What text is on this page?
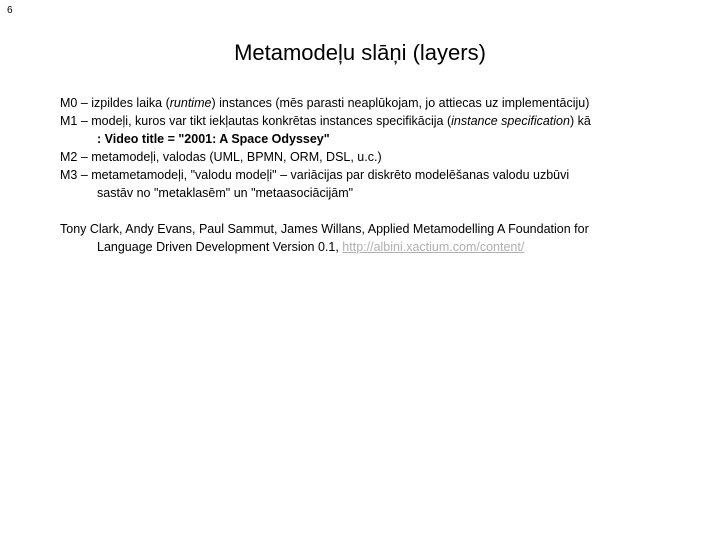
6
Metamodeļu slāņi (layers)
M0 – izpildes laika (runtime) instances (mēs parasti neaplūkojam, jo attiecas uz implementāciju)
M1 – modeļi, kuros var tikt iekļautas konkrētas instances specifikācija (instance specification) kā
: Video title = "2001: A Space Odyssey"
M2 – metamodeļi, valodas (UML, BPMN, ORM, DSL, u.c.)
M3 – metametamodeļi, "valodu modeļi" – variācijas par diskrēto modelēšanas valodu uzbūvi
sastāv no "metaklasēm" un "metaasociācijām"
Tony Clark, Andy Evans, Paul Sammut, James Willans, Applied Metamodelling A Foundation for
Language Driven Development Version 0.1, http://albini.xactium.com/content/
